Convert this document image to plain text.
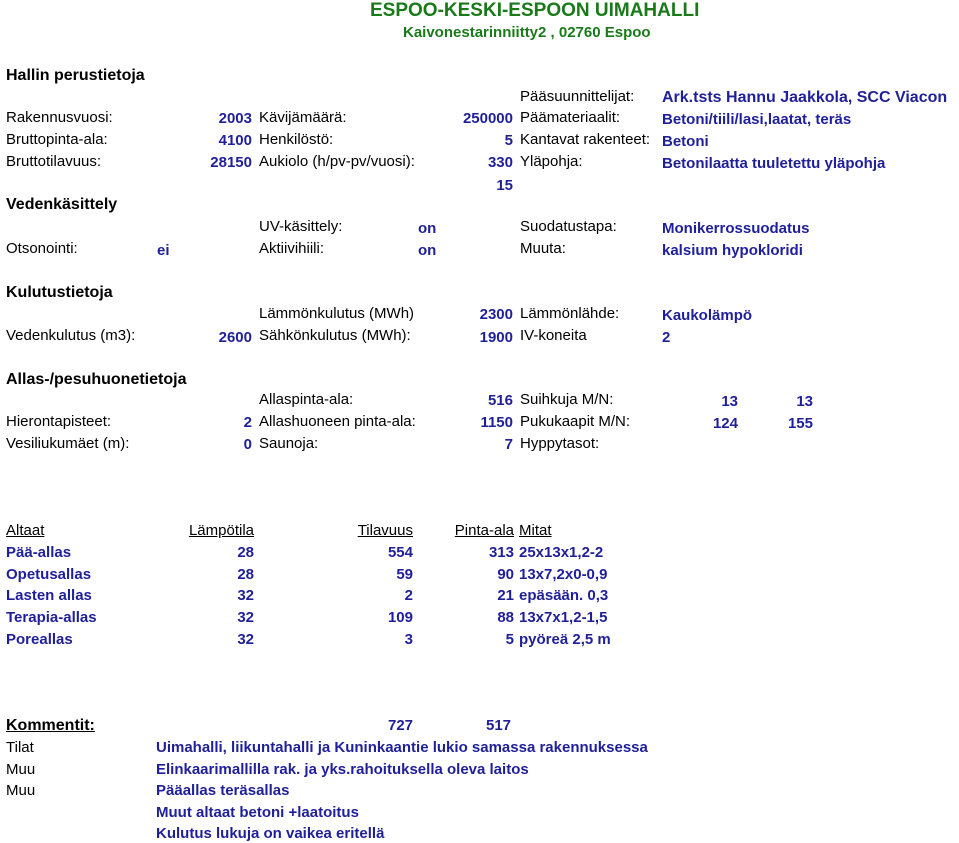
ESPOO-KESKI-ESPOON UIMAHALLI
Kaivonestarinniitty2 , 02760 Espoo
Hallin perustietoja
Pääsuunnittelijat: Ark.tsts Hannu Jaakkola, SCC Viacon
Rakennusvuosi:	2003 Kävijämäärä:	250000 Päämateriaalit:	Betoni/tiili/lasi,laatat, teräs
Bruttopinta-ala:	4100 Henkilöstö:	5 Kantavat rakenteet: Betoni
Bruttotilavuus:	28150 Aukiolo (h/pv-pv/vuosi):	330 Yläpohja:	Betonilaatta tuuletettu yläpohja
15
Vedenkäsittely
UV-käsittely:	on	Suodatustapa:	Monikerrossuodatus
Otsonointi:	ei	Aktiivihiili:	on	Muuta:	kalsium hypokloridi
Kulutustietoja
Lämmönkulutus (MWh)	2300 Lämmönlähde:	Kaukolämpö
Vedenkulutus (m3):	2600 Sähkönkulutus (MWh):	1900 IV-koneita	2
Allas-/pesuhuonetietoja
Allaspinta-ala:	516 Suihkuja M/N:	13	13
Hierontapisteet:	2 Allashuoneen pinta-ala:	1150 Pukukaapit M/N:	124	155
Vesiliukumäet (m):	0 Saunoja:	7 Hyppytasot:
Altaat	Lämpötila	Tilavuus	Pinta-ala Mitat
Pää-allas	28	554	313 25x13x1,2-2
Opetusallas	28	59	90 13x7,2x0-0,9
Lasten allas	32	2	21 epäsään. 0,3
Terapia-allas	32	109	88 13x7x1,2-1,5
Poreallas	32	3	5 pyöreä 2,5 m
Kommentit:	727	517
Tilat	Uimahalli, liikuntahalli ja Kuninkaantie lukio samassa rakennuksessa
Muu	Elinkaarimallilla rak. ja yks.rahoituksella oleva laitos
Muu	Pääallas teräsallas
Muut altaat betoni +laatoitus
Kulutus lukuja on vaikea eritellä
